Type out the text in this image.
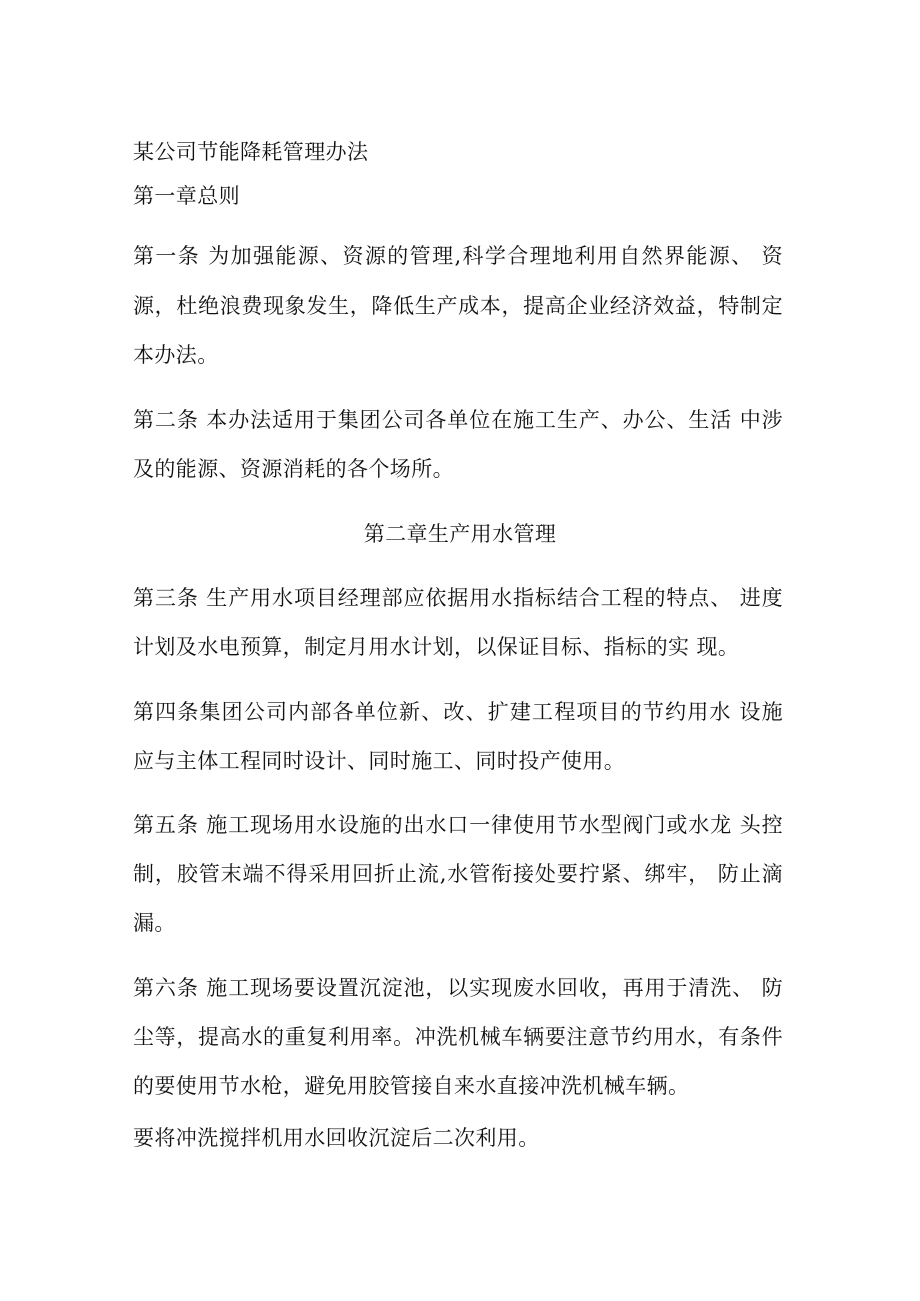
某公司节能降耗管理办法
第一章总则
第一条 为加强能源、资源的管理,科学合理地利用自然界能源、 资
源，杜绝浪费现象发生，降低生产成本，提高企业经济效益，特制定
本办法。
第二条 本办法适用于集团公司各单位在施工生产、办公、生活 中涉
及的能源、资源消耗的各个场所。
第二章生产用水管理
第三条 生产用水项目经理部应依据用水指标结合工程的特点、 进度
计划及水电预算，制定月用水计划，以保证目标、指标的实 现。
第四条集团公司内部各单位新、改、扩建工程项目的节约用水 设施
应与主体工程同时设计、同时施工、同时投产使用。
第五条 施工现场用水设施的出水口一律使用节水型阀门或水龙 头控
制，胶管末端不得采用回折止流,水管衔接处要拧紧、绑牢， 防止滴
漏。
第六条 施工现场要设置沉淀池，以实现废水回收，再用于清洗、 防
尘等，提高水的重复利用率。冲洗机械车辆要注意节约用水，有条件
的要使用节水枪，避免用胶管接自来水直接冲洗机械车辆。
要将冲洗搅拌机用水回收沉淀后二次利用。
